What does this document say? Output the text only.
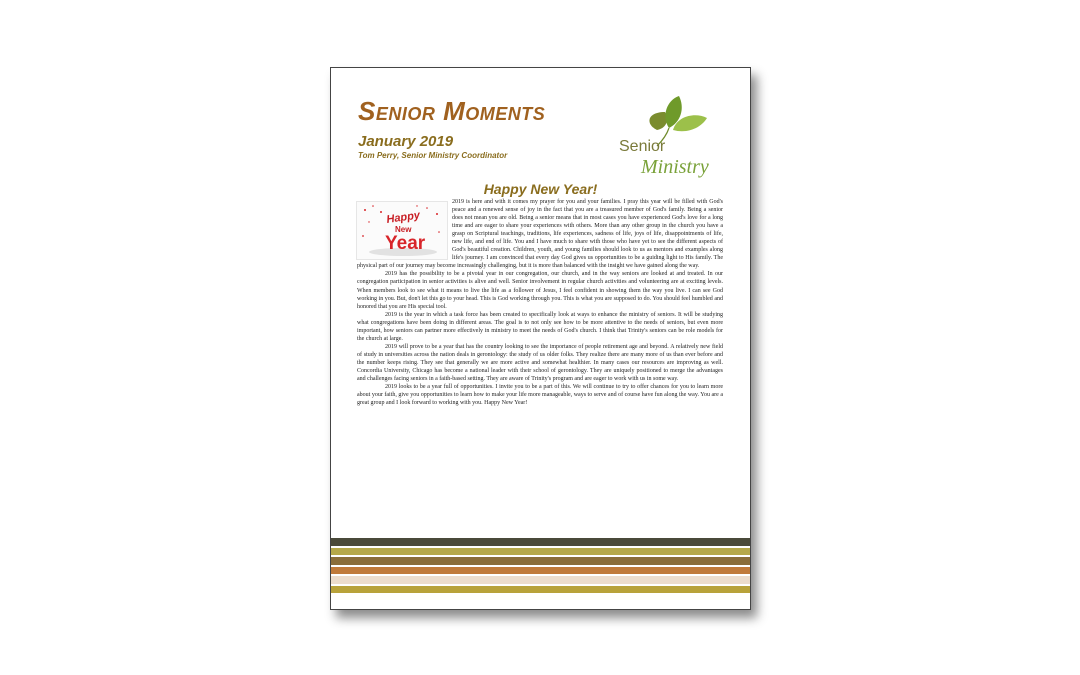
Senior Moments
January 2019
Tom Perry, Senior Ministry Coordinator
Senior
Ministry
Happy New Year!
Happy
New
Year

2019 is here and with it comes my prayer for you and your families. I pray this year will be filled with God's peace and a renewed sense of joy in the fact that you are a treasured member of God's family. Being a senior does not mean you are old. Being a senior means that in most cases you have experienced God's love for a long time and are eager to share your experiences with others. More than any other group in the church you have a grasp on Scriptural teachings, traditions, life experiences, sadness of life, joys of life, disappointments of life, new life, and end of life. You and I have much to share with those who have yet to see the different aspects of God's beautiful creation. Children, youth, and young families should look to us as mentors and examples along life's journey. I am convinced that every day God gives us opportunities to be a guiding light to His family. The physical part of our journey may become increasingly challenging, but it is more than balanced with the insight we have gained along the way.

2019 has the possibility to be a pivotal year in our congregation, our church, and in the way seniors are looked at and treated. In our congregation participation in senior activities is alive and well. Senior involvement in regular church activities and volunteering are at exciting levels. When members look to see what it means to live the life as a follower of Jesus, I feel confident in showing them the way you live. I can see God working in you. But, don't let this go to your head. This is God working through you. This is what you are supposed to do. You should feel humbled and honored that you are His special tool.

2019 is the year in which a task force has been created to specifically look at ways to enhance the ministry of seniors. It will be studying what congregations have been doing in different areas. The goal is to not only see how to be more attentive to the needs of seniors, but even more important, how seniors can partner more effectively in ministry to meet the needs of God's church. I think that Trinity's seniors can be role models for the church at large.

2019 will prove to be a year that has the country looking to see the importance of people retirement age and beyond. A relatively new field of study in universities across the nation deals in gerontology: the study of us older folks. They realize there are many more of us than ever before and the number keeps rising. They see that generally we are more active and somewhat healthier. In many cases our resources are improving as well. Concordia University, Chicago has become a national leader with their school of gerontology. They are uniquely positioned to merge the advantages and challenges facing seniors in a faith-based setting. They are aware of Trinity's program and are eager to work with us in some way.

2019 looks to be a year full of opportunities. I invite you to be a part of this. We will continue to try to offer chances for you to learn more about your faith, give you opportunities to learn how to make your life more manageable, ways to serve and of course have fun along the way. You are a great group and I look forward to working with you. Happy New Year!
